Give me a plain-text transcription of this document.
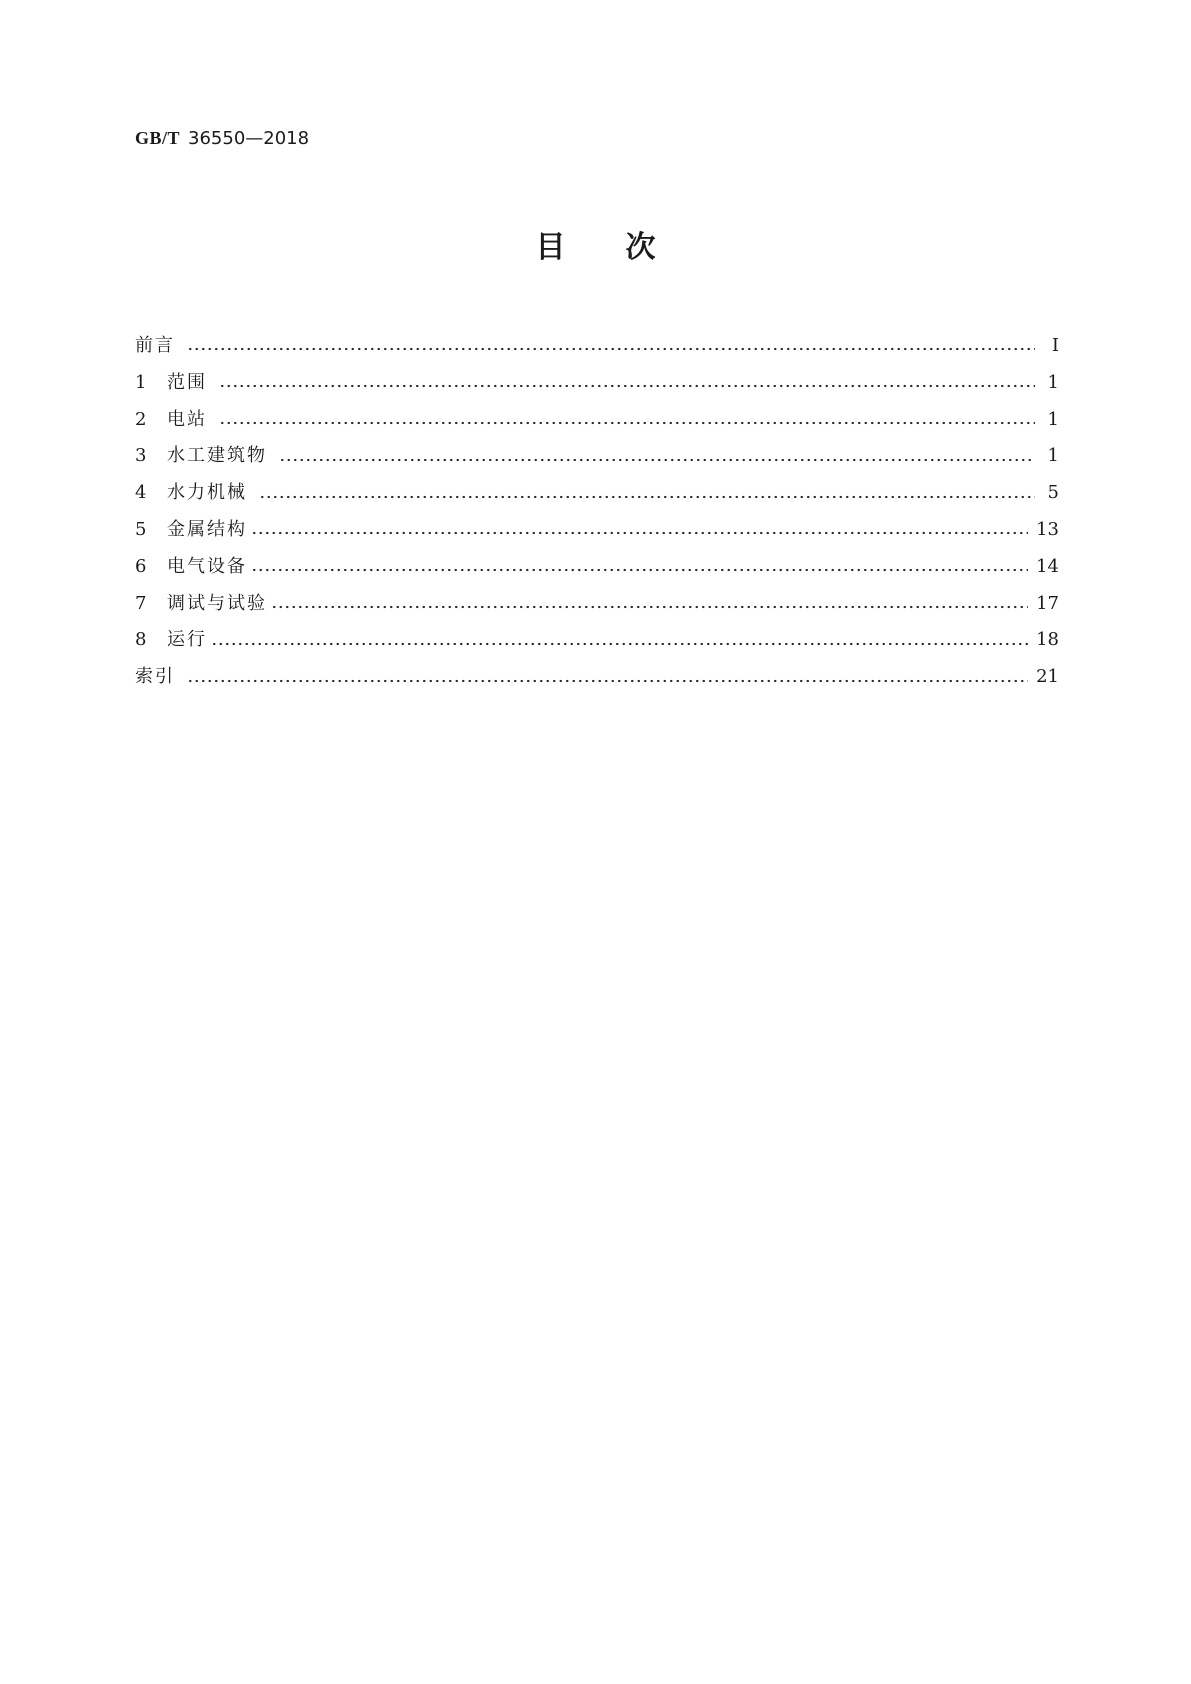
GB/T 36550—2018
目 次
前言	Ⅰ
1	范围	1
2	电站	1
3	水工建筑物	1
4	水力机械	5
5	金属结构	13
6	电气设备	14
7	调试与试验	17
8	运行	18
索引	21
